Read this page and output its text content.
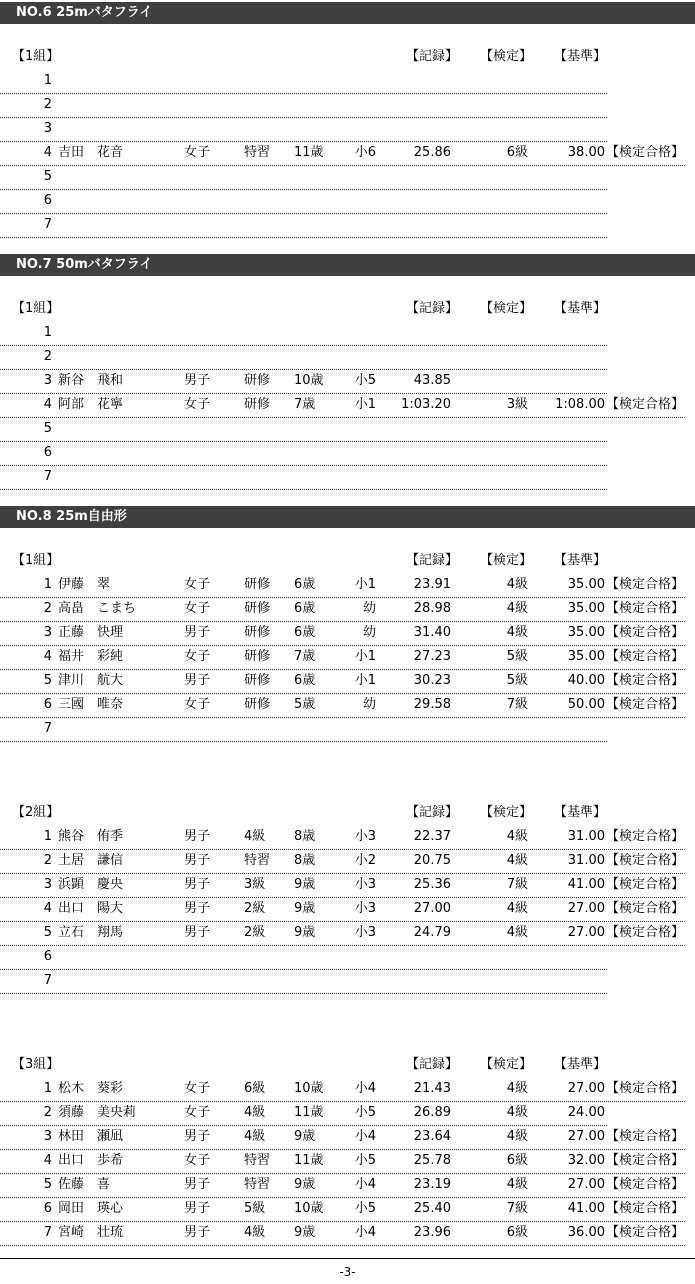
NO.6 25mバタフライ
【1組】	【記録】 【検定】 【基準】
1
2
3
4 吉田　花音	女子	特習 11歳	小6	25.86	6級	38.00 【検定合格】
5
6
7
NO.7 50mバタフライ
【1組】	【記録】 【検定】 【基準】
1
2
3 新谷　飛和	男子	研修 10歳	小5	43.85
4 阿部　花寧	女子	研修 7歳	小1	1:03.20	3級	1:08.00 【検定合格】
5
6
7
NO.8 25m自由形
【1組】	【記録】 【検定】 【基準】
1 伊藤　翠	女子	研修 6歳	小1	23.91	4級	35.00 【検定合格】
2 高畠　こまち	女子	研修 6歳	幼	28.98	4級	35.00 【検定合格】
3 正藤　快理	男子	研修 6歳	幼	31.40	4級	35.00 【検定合格】
4 福井　彩純	女子	研修 7歳	小1	27.23	5級	35.00 【検定合格】
5 津川　航大	男子	研修 6歳	小1	30.23	5級	40.00 【検定合格】
6 三國　唯奈	女子	研修 5歳	幼	29.58	7級	50.00 【検定合格】
7
【2組】	【記録】 【検定】 【基準】
1 熊谷　侑季	男子	4級 8歳	小3	22.37	4級	31.00 【検定合格】
2 土居　謙信	男子	特習 8歳	小2	20.75	4級	31.00 【検定合格】
3 浜顕　慶央	男子	3級 9歳	小3	25.36	7級	41.00 【検定合格】
4 出口　陽大	男子	2級 9歳	小3	27.00	4級	27.00 【検定合格】
5 立石　翔馬	男子	2級 9歳	小3	24.79	4級	27.00 【検定合格】
6
7
【3組】	【記録】 【検定】 【基準】
1 松木　葵彩	女子	6級 10歳	小4	21.43	4級	27.00 【検定合格】
2 須藤　美央莉	女子	4級 11歳	小5	26.89	4級	24.00
3 林田　瀬凪	男子	4級 9歳	小4	23.64	4級	27.00 【検定合格】
4 出口　歩希	女子	特習 11歳	小5	25.78	6級	32.00 【検定合格】
5 佐藤　喜	男子	特習 9歳	小4	23.19	4級	27.00 【検定合格】
6 岡田　瑛心	男子	5級 10歳	小5	25.40	7級	41.00 【検定合格】
7 宮崎　壮琉	男子	4級 9歳	小4	23.96	6級	36.00 【検定合格】
-3-
